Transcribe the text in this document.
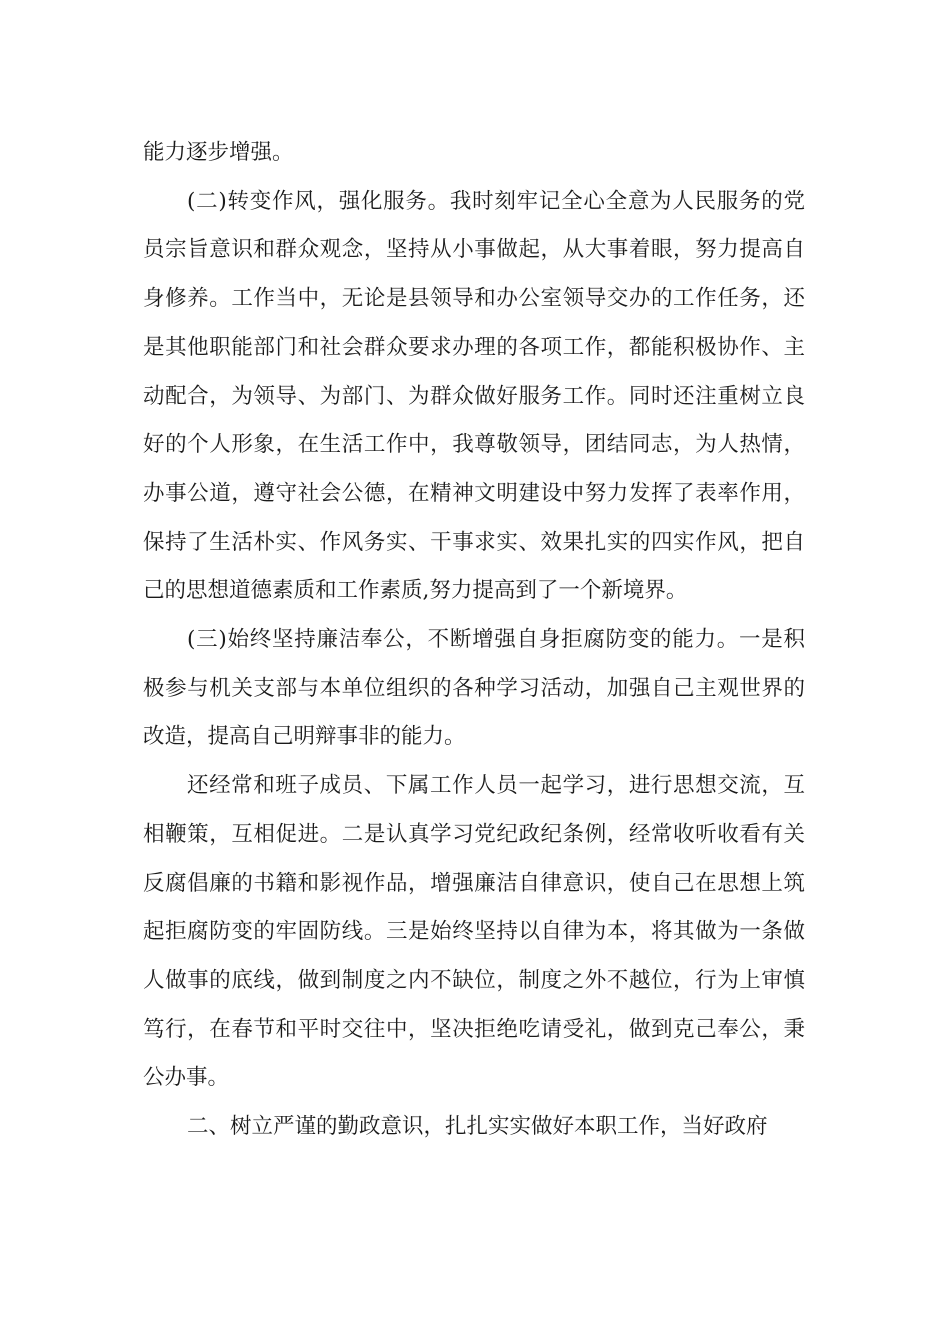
能力逐步增强。

(二)转变作风，强化服务。我时刻牢记全心全意为人民服务的党员宗旨意识和群众观念，坚持从小事做起，从大事着眼，努力提高自身修养。工作当中，无论是县领导和办公室领导交办的工作任务，还是其他职能部门和社会群众要求办理的各项工作，都能积极协作、主动配合，为领导、为部门、为群众做好服务工作。同时还注重树立良好的个人形象，在生活工作中，我尊敬领导，团结同志，为人热情，办事公道，遵守社会公德，在精神文明建设中努力发挥了表率作用，保持了生活朴实、作风务实、干事求实、效果扎实的四实作风，把自己的思想道德素质和工作素质,努力提高到了一个新境界。

(三)始终坚持廉洁奉公，不断增强自身拒腐防变的能力。一是积极参与机关支部与本单位组织的各种学习活动，加强自己主观世界的改造，提高自己明辩事非的能力。

还经常和班子成员、下属工作人员一起学习，进行思想交流，互相鞭策，互相促进。二是认真学习党纪政纪条例，经常收听收看有关反腐倡廉的书籍和影视作品，增强廉洁自律意识，使自己在思想上筑起拒腐防变的牢固防线。三是始终坚持以自律为本，将其做为一条做人做事的底线，做到制度之内不缺位，制度之外不越位，行为上审慎笃行，在春节和平时交往中，坚决拒绝吃请受礼，做到克己奉公，秉公办事。

二、树立严谨的勤政意识，扎扎实实做好本职工作，当好政府
